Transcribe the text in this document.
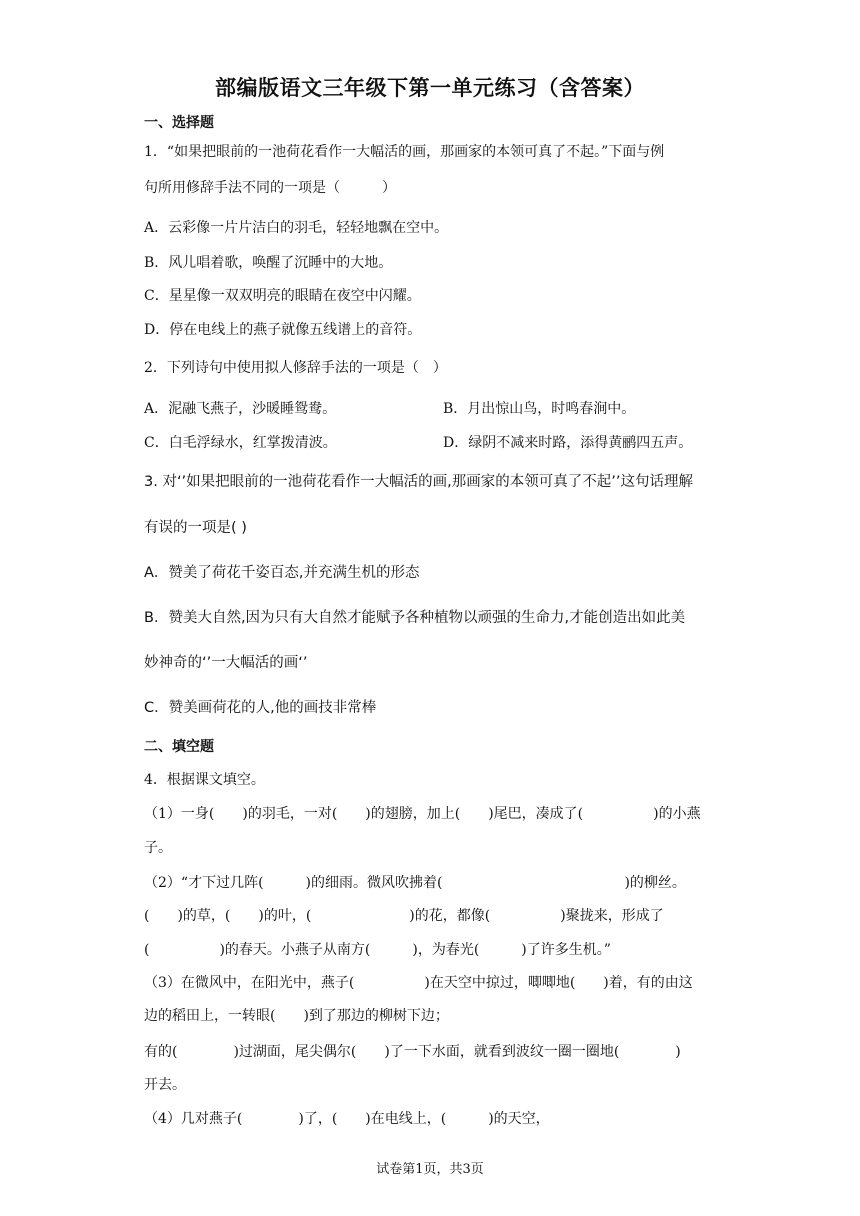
部编版语文三年级下第一单元练习（含答案）
一、选择题
1．“如果把眼前的一池荷花看作一大幅活的画，那画家的本领可真了不起。”下面与例
句所用修辞手法不同的一项是（　　　）
A．云彩像一片片洁白的羽毛，轻轻地飘在空中。
B．风儿唱着歌，唤醒了沉睡中的大地。
C．星星像一双双明亮的眼睛在夜空中闪耀。
D．停在电线上的燕子就像五线谱上的音符。
2．下列诗句中使用拟人修辞手法的一项是（　）
A．泥融飞燕子，沙暖睡鸳鸯。	B．月出惊山鸟，时鸣春涧中。
C．白毛浮绿水，红掌拨清波。	D．绿阴不减来时路，添得黄鹂四五声。
3. 对‘’如果把眼前的一池荷花看作一大幅活的画,那画家的本领可真了不起’’这句话理解
有误的一项是( )
A．赞美了荷花千姿百态,并充满生机的形态
B．赞美大自然,因为只有大自然才能赋予各种植物以顽强的生命力,才能创造出如此美
妙神奇的‘’一大幅活的画‘’
C．赞美画荷花的人,他的画技非常棒
二、填空题
4．根据课文填空。
（1）一身(　　)的羽毛，一对(　　)的翅膀，加上(　　)尾巴，凑成了(　　　　　)的小燕
子。
（2）“才下过几阵(　　　)的细雨。微风吹拂着(　　　　　　　　　　　　　)的柳丝。
(　　)的草，(　　)的叶，(　　　　　　　)的花，都像(　　　　　)聚拢来，形成了
(　　　　　)的春天。小燕子从南方(　　　)，为春光(　　　)了许多生机。”
（3）在微风中，在阳光中，燕子(　　　　　)在天空中掠过，唧唧地(　　)着，有的由这
边的稻田上，一转眼(　　)到了那边的柳树下边；
有的(　　　　)过湖面，尾尖偶尔(　　)了一下水面，就看到波纹一圈一圈地(　　　　)
开去。
（4）几对燕子(　　　　)了，(　　)在电线上，(　　　)的天空，
试卷第1页，共3页
